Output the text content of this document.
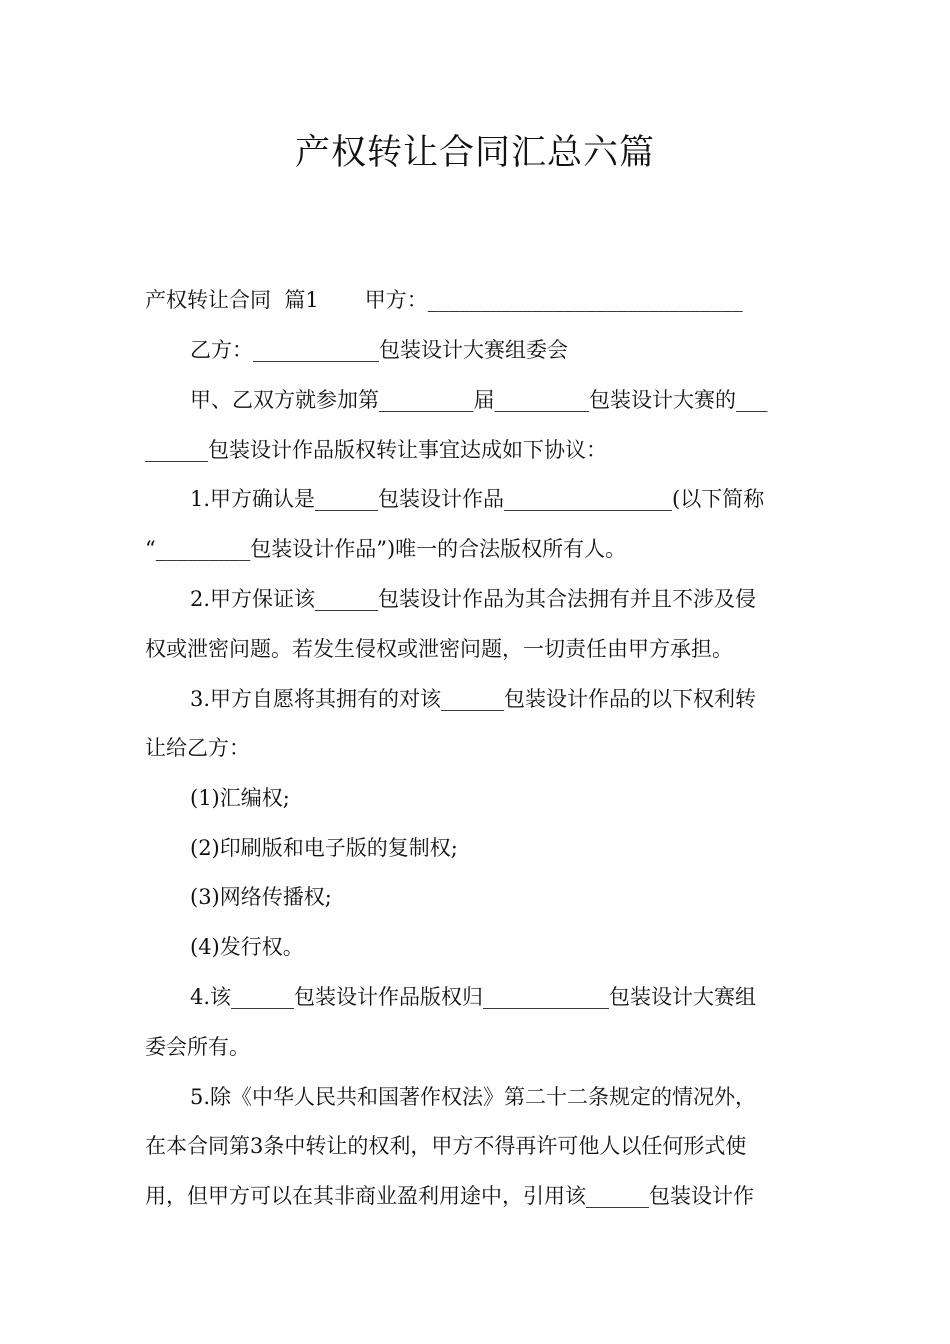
产权转让合同汇总六篇
产权转让合同  篇1 甲方：______________________________
乙方：____________包装设计大赛组委会
甲、乙双方就参加第_________届_________包装设计大赛的___
______包装设计作品版权转让事宜达成如下协议：
1.甲方确认是______包装设计作品________________(以下简称
“_________包装设计作品”)唯一的合法版权所有人。
2.甲方保证该______包装设计作品为其合法拥有并且不涉及侵
权或泄密问题。若发生侵权或泄密问题，一切责任由甲方承担。
3.甲方自愿将其拥有的对该______包装设计作品的以下权利转
让给乙方：
(1)汇编权;
(2)印刷版和电子版的复制权;
(3)网络传播权;
(4)发行权。
4.该______包装设计作品版权归____________包装设计大赛组
委会所有。
5.除《中华人民共和国著作权法》第二十二条规定的情况外，
在本合同第3条中转让的权利，甲方不得再许可他人以任何形式使
用，但甲方可以在其非商业盈利用途中，引用该______包装设计作
